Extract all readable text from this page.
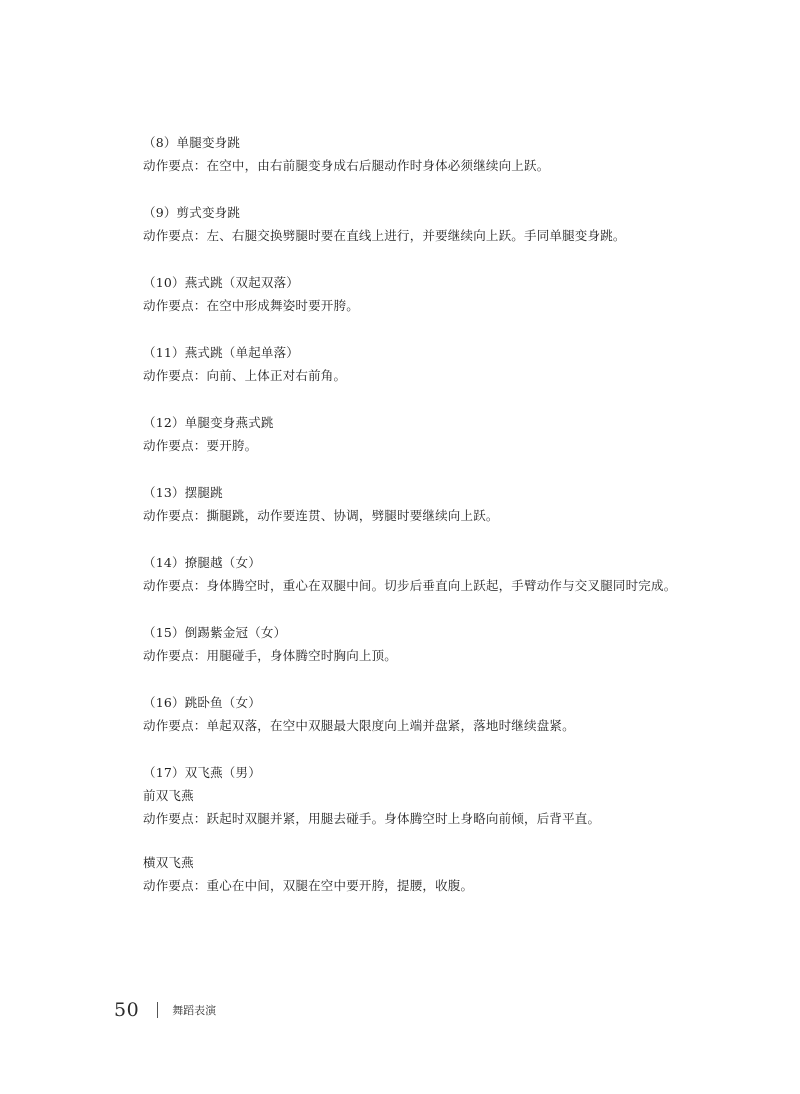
（8）单腿变身跳
动作要点：在空中，由右前腿变身成右后腿动作时身体必须继续向上跃。
（9）剪式变身跳
动作要点：左、右腿交换劈腿时要在直线上进行，并要继续向上跃。手同单腿变身跳。
（10）燕式跳（双起双落）
动作要点：在空中形成舞姿时要开胯。
（11）燕式跳（单起单落）
动作要点：向前、上体正对右前角。
（12）单腿变身燕式跳
动作要点：要开胯。
（13）摆腿跳
动作要点：撕腿跳，动作要连贯、协调，劈腿时要继续向上跃。
（14）撩腿越（女）
动作要点：身体腾空时，重心在双腿中间。切步后垂直向上跃起，手臂动作与交叉腿同时完成。
（15）倒踢紫金冠（女）
动作要点：用腿碰手，身体腾空时胸向上顶。
（16）跳卧鱼（女）
动作要点：单起双落，在空中双腿最大限度向上端并盘紧，落地时继续盘紧。
（17）双飞燕（男）
前双飞燕
动作要点：跃起时双腿并紧，用腿去碰手。身体腾空时上身略向前倾，后背平直。
横双飞燕
动作要点：重心在中间，双腿在空中要开胯，提腰，收腹。
50	舞蹈表演
